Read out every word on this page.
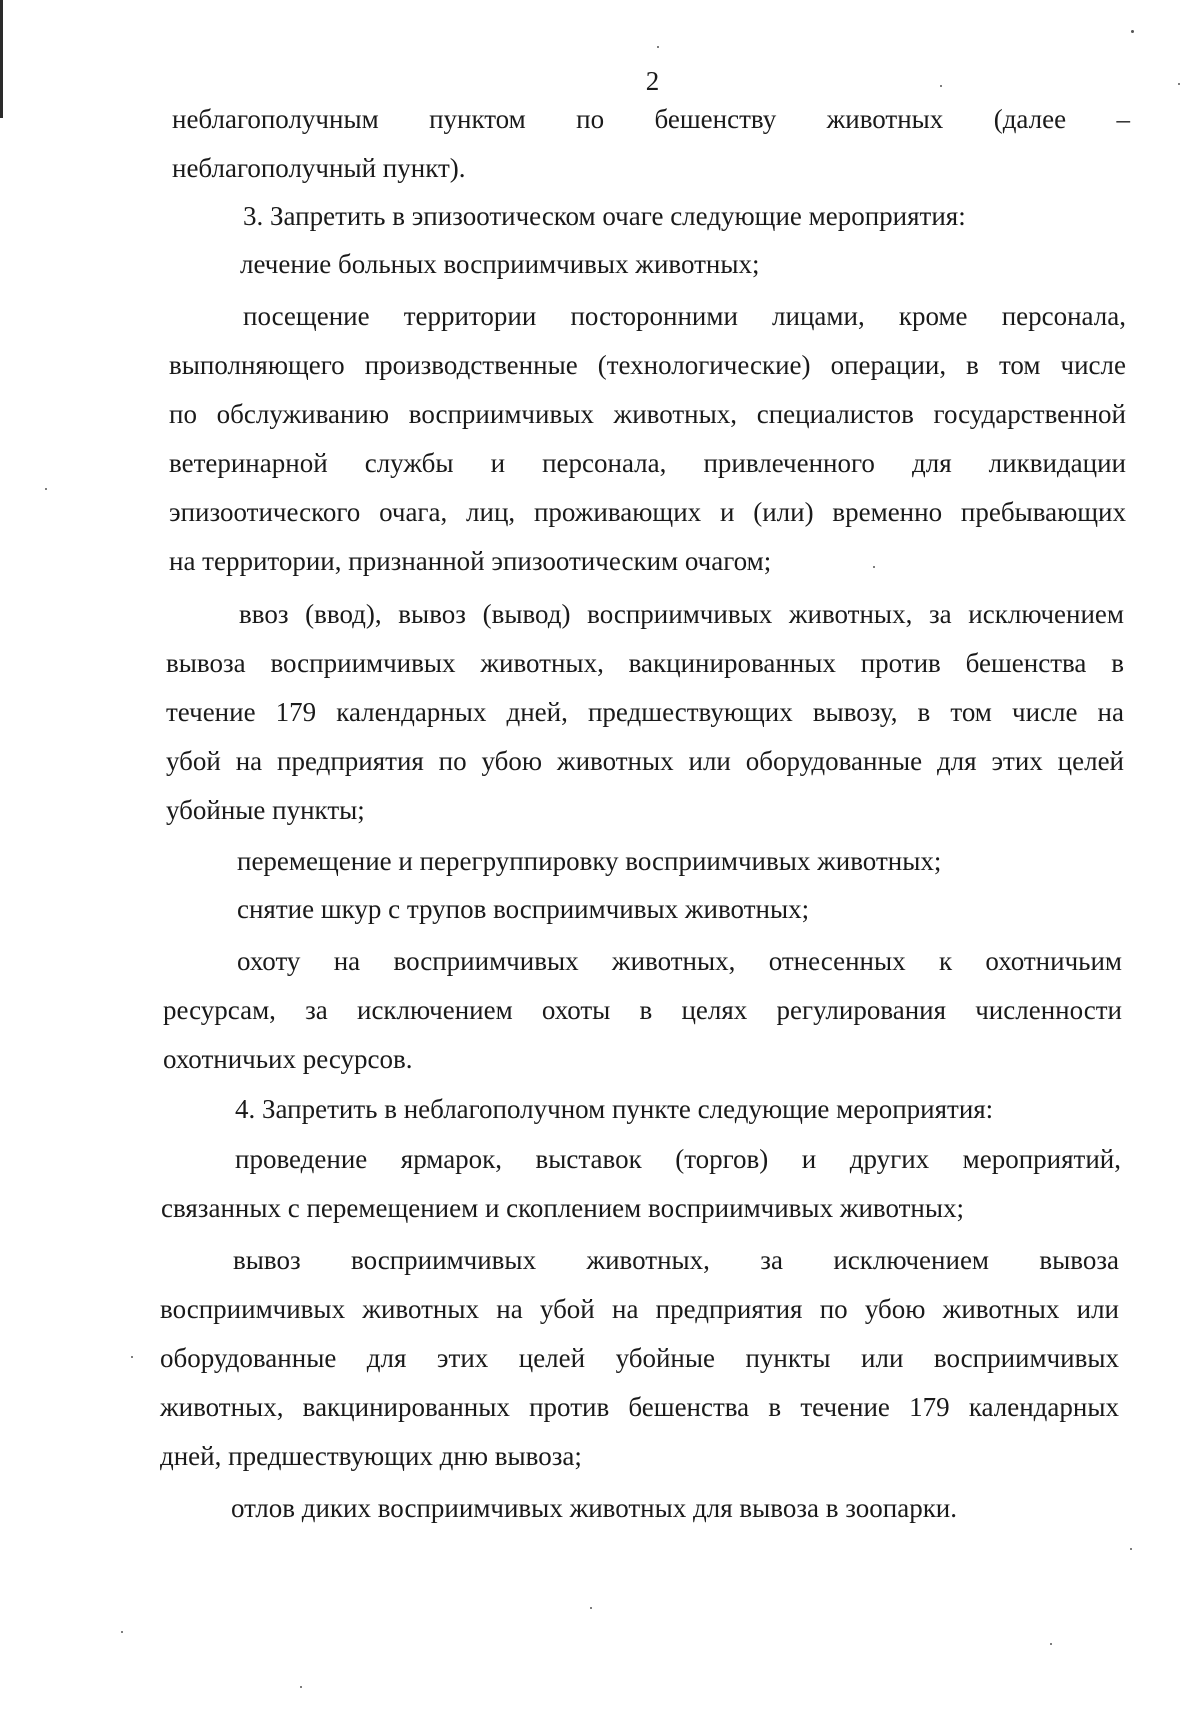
2
неблагополучным пунктом по бешенству животных (далее –
неблагополучный пункт).
3. Запретить в эпизоотическом очаге следующие мероприятия:
лечение больных восприимчивых животных;
посещение территории посторонними лицами, кроме персонала,
выполняющего производственные (технологические) операции, в том числе
по обслуживанию восприимчивых животных, специалистов государственной
ветеринарной службы и персонала, привлеченного для ликвидации
эпизоотического очага, лиц, проживающих и (или) временно пребывающих
на территории, признанной эпизоотическим очагом;
ввоз (ввод), вывоз (вывод) восприимчивых животных, за исключением
вывоза восприимчивых животных, вакцинированных против бешенства в
течение 179 календарных дней, предшествующих вывозу, в том числе на
убой на предприятия по убою животных или оборудованные для этих целей
убойные пункты;
перемещение и перегруппировку восприимчивых животных;
снятие шкур с трупов восприимчивых животных;
охоту на восприимчивых животных, отнесенных к охотничьим
ресурсам, за исключением охоты в целях регулирования численности
охотничьих ресурсов.
4. Запретить в неблагополучном пункте следующие мероприятия:
проведение ярмарок, выставок (торгов) и других мероприятий,
связанных с перемещением и скоплением восприимчивых животных;
вывоз восприимчивых животных, за исключением вывоза
восприимчивых животных на убой на предприятия по убою животных или
оборудованные для этих целей убойные пункты или восприимчивых
животных, вакцинированных против бешенства в течение 179 календарных
дней, предшествующих дню вывоза;
отлов диких восприимчивых животных для вывоза в зоопарки.
